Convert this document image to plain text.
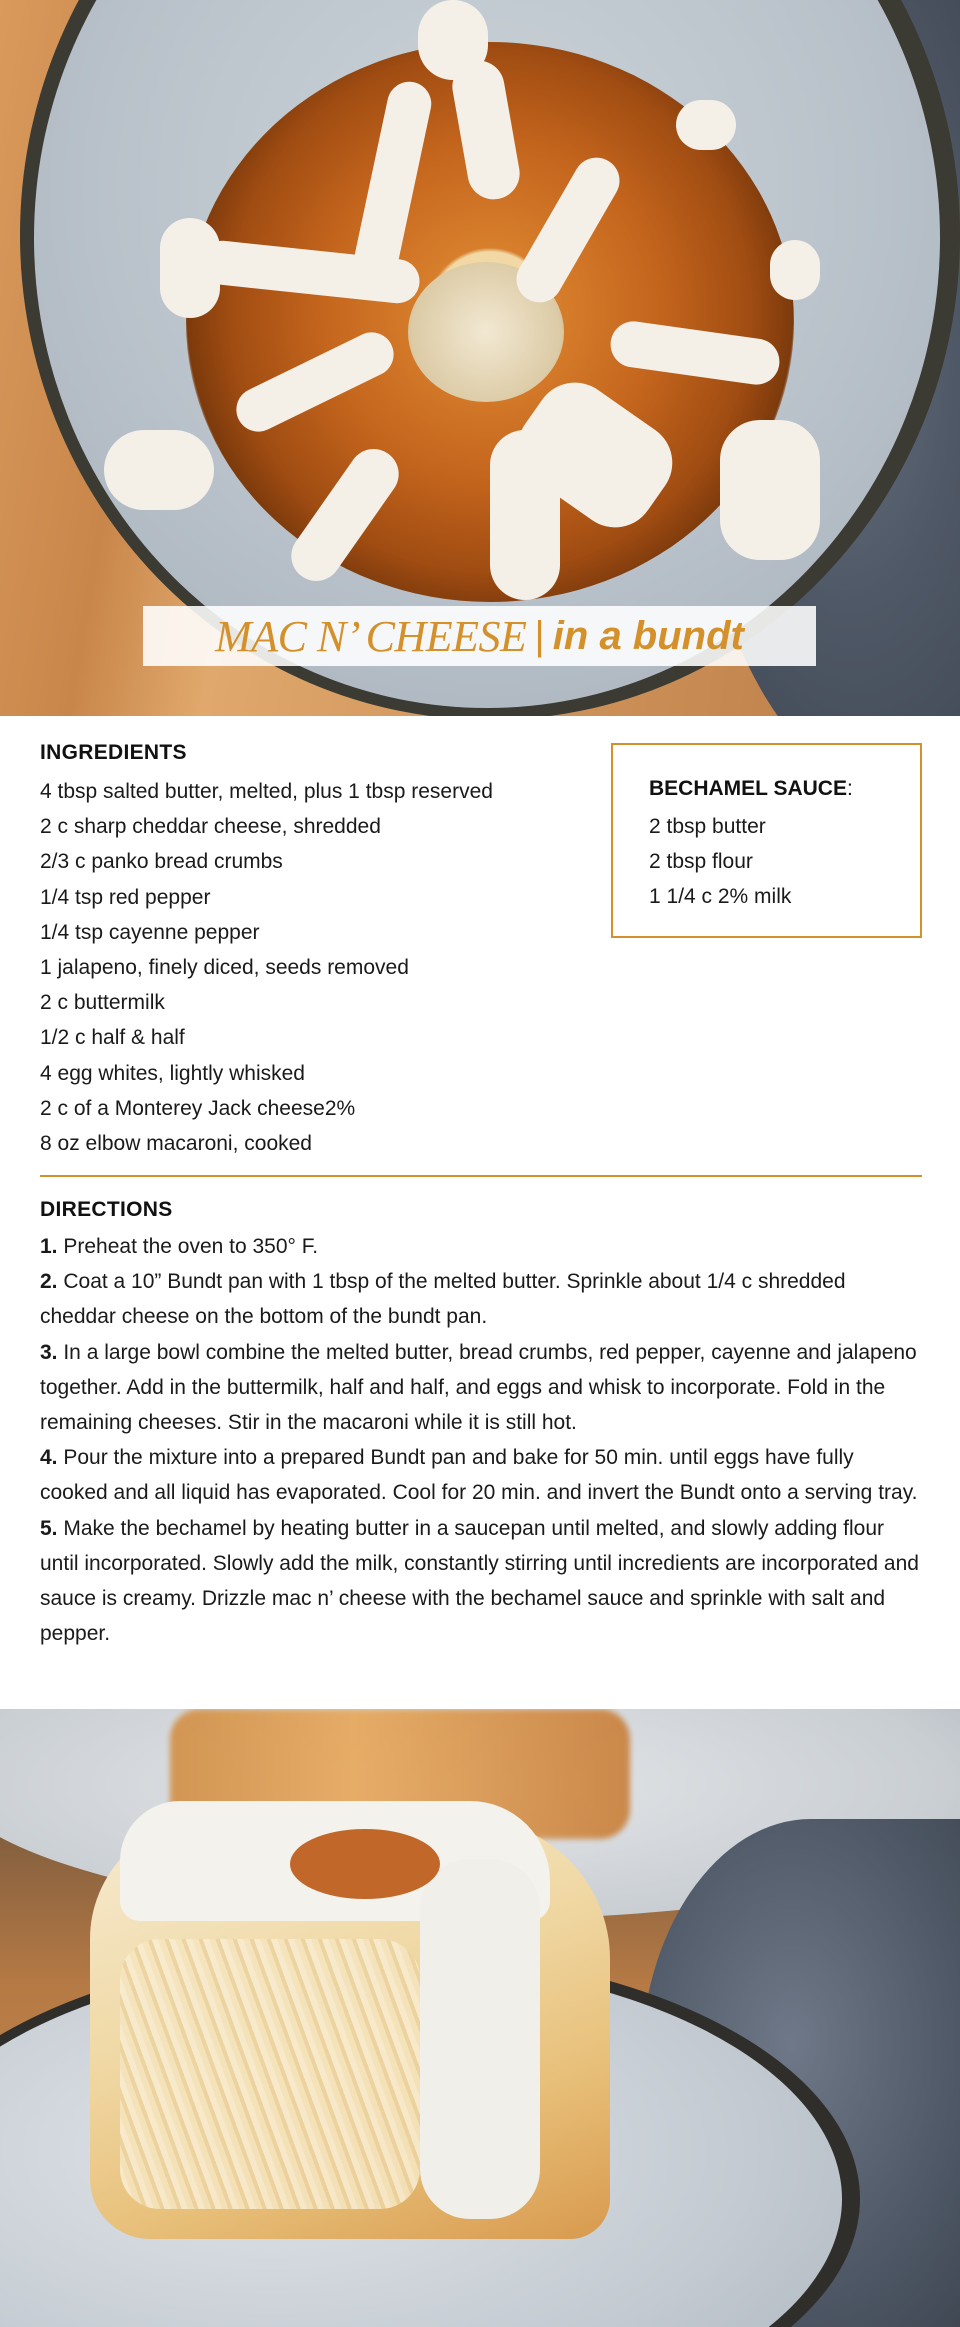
MAC N’ CHEESE | in a bundt
INGREDIENTS
4 tbsp salted butter, melted, plus 1 tbsp reserved
2 c sharp cheddar cheese, shredded
2/3 c panko bread crumbs
1/4 tsp red pepper
1/4 tsp cayenne pepper
1 jalapeno, finely diced, seeds removed
2 c buttermilk
1/2 c half & half
4 egg whites, lightly whisked
2 c of a Monterey Jack cheese2%
8 oz elbow macaroni, cooked
BECHAMEL SAUCE:
2 tbsp butter
2 tbsp flour
1 1/4 c 2% milk
DIRECTIONS

1. Preheat the oven to 350° F.

2. Coat a 10” Bundt pan with 1 tbsp of the melted butter. Sprinkle about 1/4 c shredded cheddar cheese on the bottom of the bundt pan.

3. In a large bowl combine the melted butter, bread crumbs, red pepper, cayenne and jalapeno together. Add in the buttermilk, half and half, and eggs and whisk to incorporate. Fold in the remaining cheeses. Stir in the macaroni while it is still hot.

4. Pour the mixture into a prepared Bundt pan and bake for 50 min. until eggs have fully cooked and all liquid has evaporated. Cool for 20 min. and invert the Bundt onto a serving tray.

5. Make the bechamel by heating butter in a saucepan until melted, and slowly adding flour until incorporated. Slowly add the milk, constantly stirring until incredients are incorporated and sauce is creamy. Drizzle mac n’ cheese with the bechamel sauce and sprinkle with salt and pepper.
